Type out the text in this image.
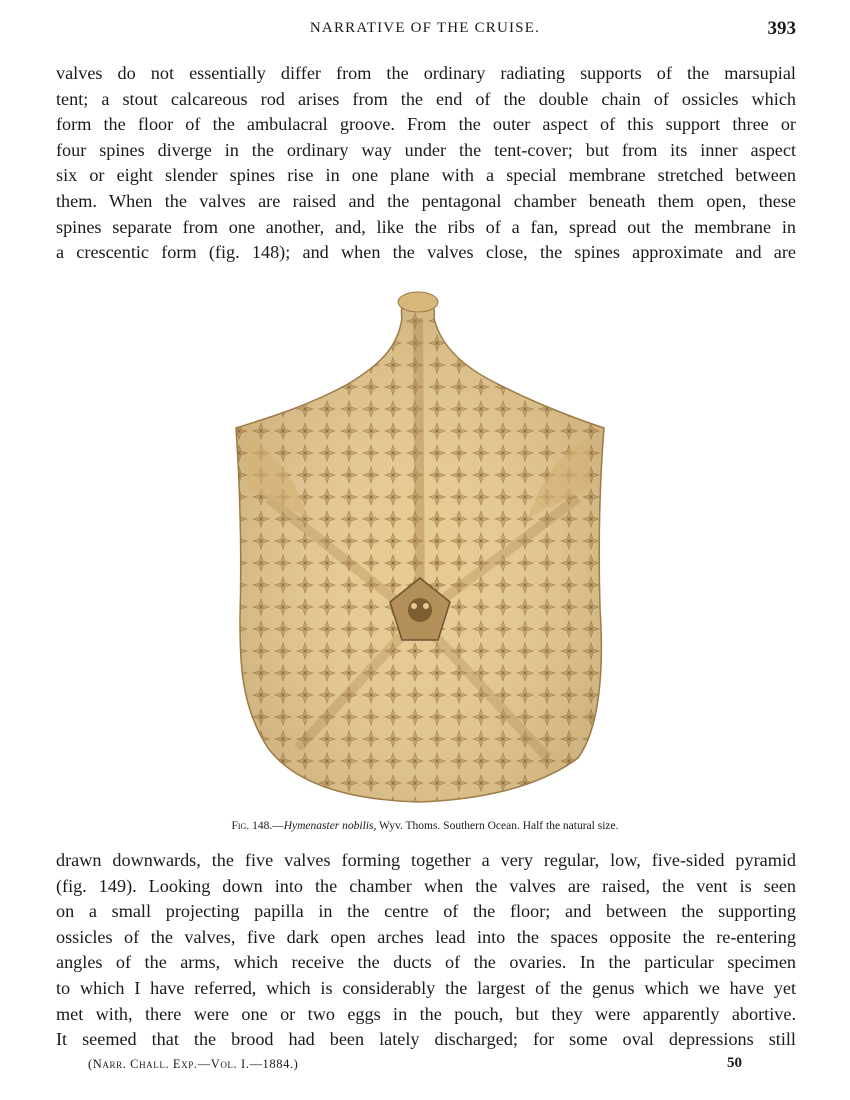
NARRATIVE OF THE CRUISE.	393
valves do not essentially differ from the ordinary radiating supports of the marsupial
tent; a stout calcareous rod arises from the end of the double chain of ossicles which
form the floor of the ambulacral groove. From the outer aspect of this support three or
four spines diverge in the ordinary way under the tent-cover; but from its inner aspect
six or eight slender spines rise in one plane with a special membrane stretched between
them. When the valves are raised and the pentagonal chamber beneath them open, these
spines separate from one another, and, like the ribs of a fan, spread out the membrane in
a crescentic form (fig. 148); and when the valves close, the spines approximate and are
Fig. 148.—Hymenaster nobilis, Wyv. Thoms. Southern Ocean. Half the natural size.
drawn downwards, the five valves forming together a very regular, low, five-sided pyramid
(fig. 149). Looking down into the chamber when the valves are raised, the vent is seen
on a small projecting papilla in the centre of the floor; and between the supporting
ossicles of the valves, five dark open arches lead into the spaces opposite the re-entering
angles of the arms, which receive the ducts of the ovaries. In the particular specimen
to which I have referred, which is considerably the largest of the genus which we have yet
met with, there were one or two eggs in the pouch, but they were apparently abortive.
It seemed that the brood had been lately discharged; for some oval depressions still
(Narr. Chall. Exp.—Vol. I.—1884.)	50
